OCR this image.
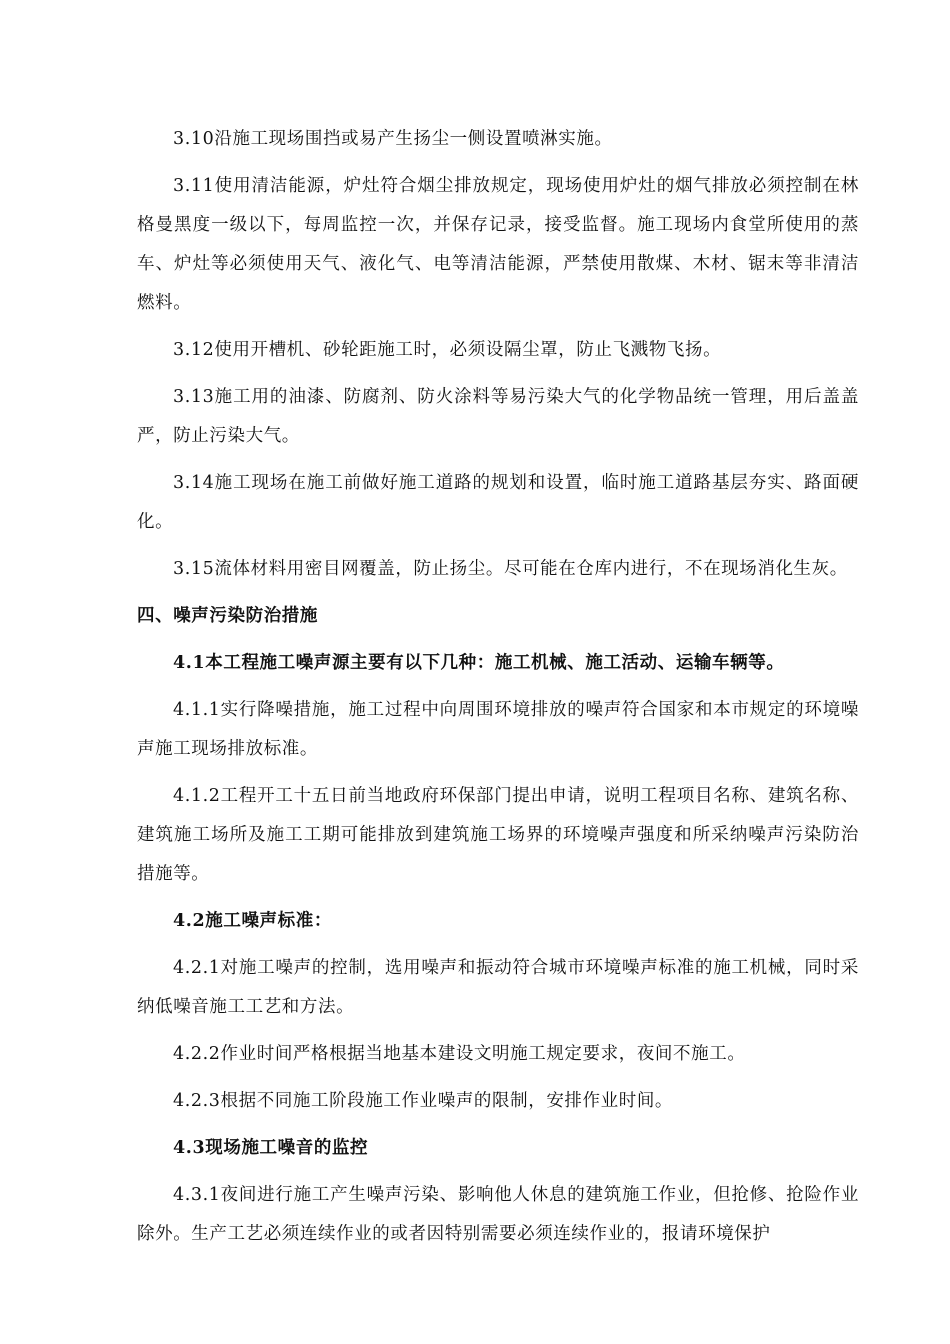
3.10沿施工现场围挡或易产生扬尘一侧设置喷淋实施。

3.11使用清洁能源，炉灶符合烟尘排放规定，现场使用炉灶的烟气排放必须控制在林格曼黑度一级以下，每周监控一次，并保存记录，接受监督。施工现场内食堂所使用的蒸车、炉灶等必须使用天气、液化气、电等清洁能源，严禁使用散煤、木材、锯末等非清洁燃料。

3.12使用开槽机、砂轮距施工时，必须设隔尘罩，防止飞溅物飞扬。

3.13施工用的油漆、防腐剂、防火涂料等易污染大气的化学物品统一管理，用后盖盖严，防止污染大气。

3.14施工现场在施工前做好施工道路的规划和设置，临时施工道路基层夯实、路面硬化。

3.15流体材料用密目网覆盖，防止扬尘。尽可能在仓库内进行，不在现场消化生灰。

四、噪声污染防治措施

4.1本工程施工噪声源主要有以下几种：施工机械、施工活动、运输车辆等。

4.1.1实行降噪措施，施工过程中向周围环境排放的噪声符合国家和本市规定的环境噪声施工现场排放标准。

4.1.2工程开工十五日前当地政府环保部门提出申请，说明工程项目名称、建筑名称、建筑施工场所及施工工期可能排放到建筑施工场界的环境噪声强度和所采纳噪声污染防治措施等。

4.2施工噪声标准：

4.2.1对施工噪声的控制，选用噪声和振动符合城市环境噪声标准的施工机械，同时采纳低噪音施工工艺和方法。

4.2.2作业时间严格根据当地基本建设文明施工规定要求，夜间不施工。

4.2.3根据不同施工阶段施工作业噪声的限制，安排作业时间。

4.3现场施工噪音的监控

4.3.1夜间进行施工产生噪声污染、影响他人休息的建筑施工作业，但抢修、抢险作业除外。生产工艺必须连续作业的或者因特别需要必须连续作业的，报请环境保护
